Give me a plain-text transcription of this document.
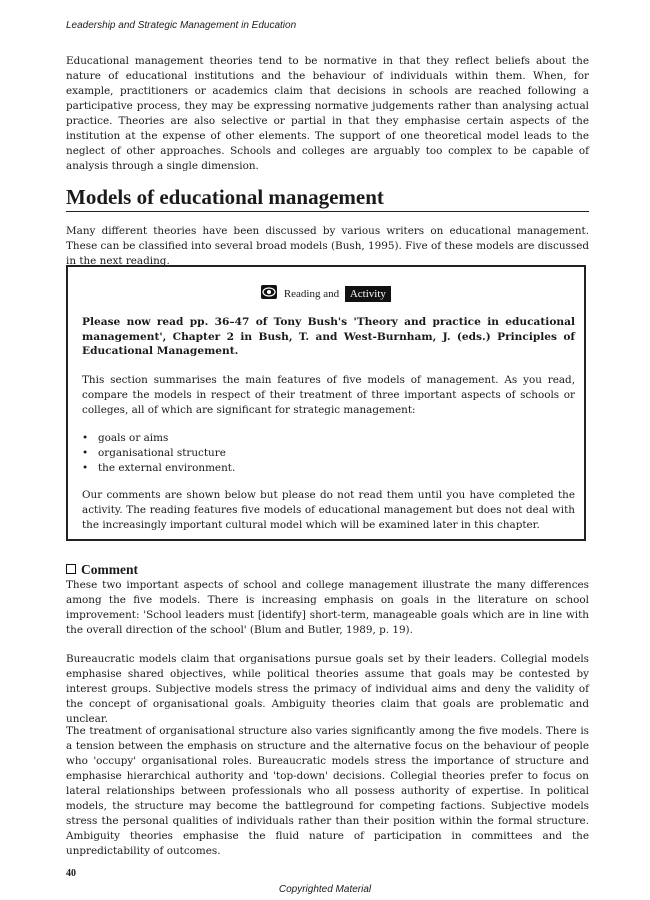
Leadership and Strategic Management in Education

Educational management theories tend to be normative in that they reflect beliefs about the nature of educational institutions and the behaviour of individuals within them. When, for example, practitioners or academics claim that decisions in schools are reached following a participative process, they may be expressing normative judgements rather than analysing actual practice. Theories are also selective or partial in that they emphasise certain aspects of the institution at the expense of other elements. The support of one theoretical model leads to the neglect of other approaches. Schools and colleges are arguably too complex to be capable of analysis through a single dimension.

Models of educational management

Many different theories have been discussed by various writers on educational management. These can be classified into several broad models (Bush, 1995). Five of these models are discussed in the next reading.

Reading and Activity

Please now read pp. 36–47 of Tony Bush's 'Theory and practice in educational management', Chapter 2 in Bush, T. and West-Burnham, J. (eds.) Principles of Educational Management.

This section summarises the main features of five models of management. As you read, compare the models in respect of their treatment of three important aspects of schools or colleges, all of which are significant for strategic management:

• goals or aims
• organisational structure
• the external environment.

Our comments are shown below but please do not read them until you have completed the activity. The reading features five models of educational management but does not deal with the increasingly important cultural model which will be examined later in this chapter.

Comment

These two important aspects of school and college management illustrate the many differences among the five models. There is increasing emphasis on goals in the literature on school improvement: 'School leaders must [identify] short-term, manageable goals which are in line with the overall direction of the school' (Blum and Butler, 1989, p. 19).

Bureaucratic models claim that organisations pursue goals set by their leaders. Collegial models emphasise shared objectives, while political theories assume that goals may be contested by interest groups. Subjective models stress the primacy of individual aims and deny the validity of the concept of organisational goals. Ambiguity theories claim that goals are problematic and unclear.

The treatment of organisational structure also varies significantly among the five models. There is a tension between the emphasis on structure and the alternative focus on the behaviour of people who 'occupy' organisational roles. Bureaucratic models stress the importance of structure and emphasise hierarchical authority and 'top-down' decisions. Collegial theories prefer to focus on lateral relationships between professionals who all possess authority of expertise. In political models, the structure may become the battleground for competing factions. Subjective models stress the personal qualities of individuals rather than their position within the formal structure. Ambiguity theories emphasise the fluid nature of participation in committees and the unpredictability of outcomes.

40
Copyrighted Material
